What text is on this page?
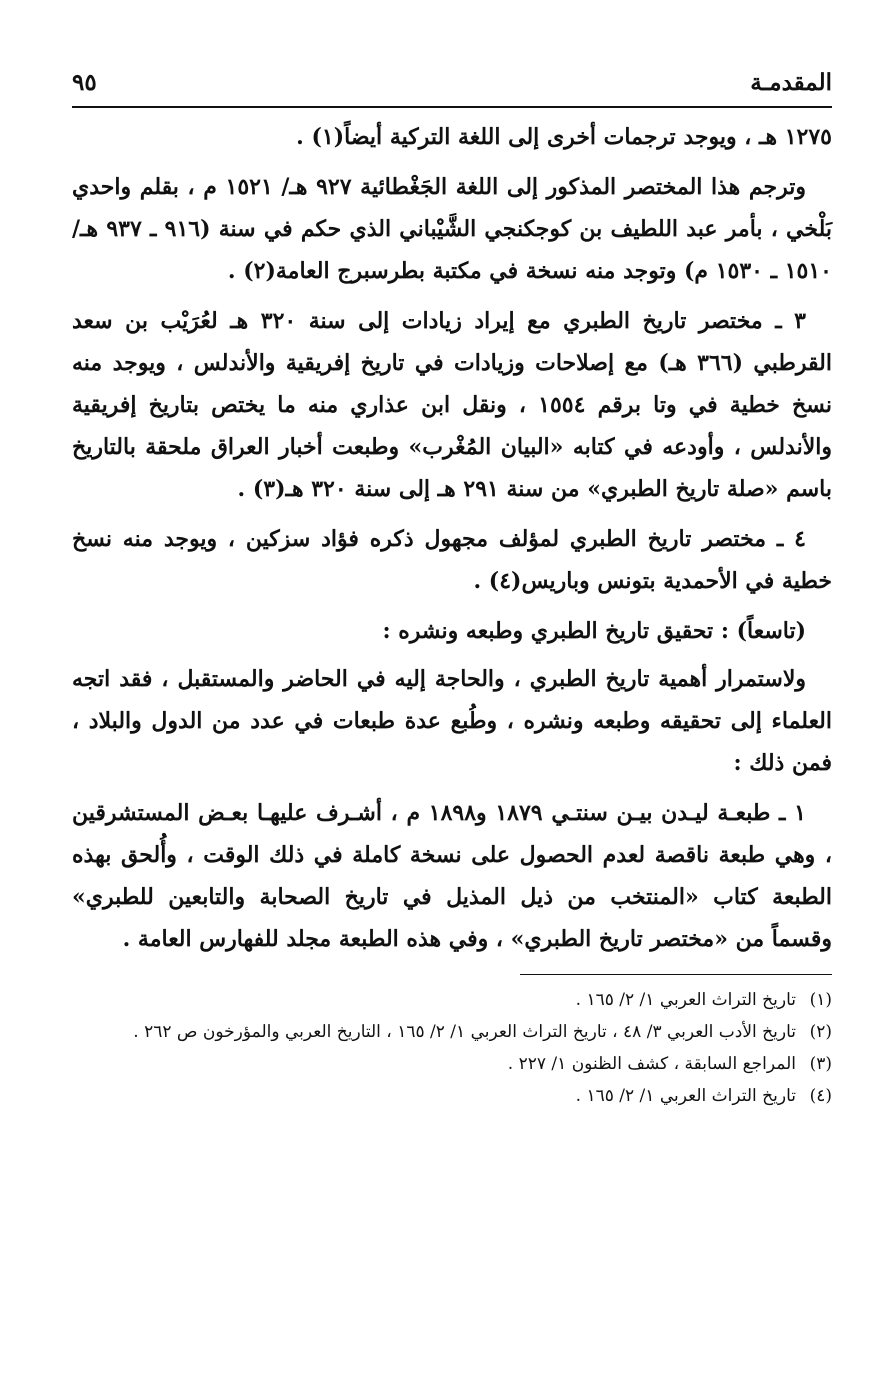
المقدمـة
٩٥

١٢٧٥ هـ ، ويوجد ترجمات أخرى إلى اللغة التركية أيضاً(١) .

وترجم هذا المختصر المذكور إلى اللغة الجَغْطائية ٩٢٧ هـ/ ١٥٢١ م ، بقلم واحدي بَلْخي ، بأمر عبد اللطيف بن كوجكنجي الشَّيْباني الذي حكم في سنة (٩١٦ ـ ٩٣٧ هـ/ ١٥١٠ ـ ١٥٣٠ م) وتوجد منه نسخة في مكتبة بطرسبرج العامة(٢) .

٣ ـ مختصر تاريخ الطبري مع إيراد زيادات إلى سنة ٣٢٠ هـ لعُرَيْب بن سعد القرطبي (٣٦٦ هـ) مع إصلاحات وزيادات في تاريخ إفريقية والأندلس ، ويوجد منه نسخ خطية في وتا برقم ١٥٥٤ ، ونقل ابن عذاري منه ما يختص بتاريخ إفريقية والأندلس ، وأودعه في كتابه «البيان المُغْرب» وطبعت أخبار العراق ملحقة بالتاريخ باسم «صلة تاريخ الطبري» من سنة ٢٩١ هـ إلى سنة ٣٢٠ هـ(٣) .

٤ ـ مختصر تاريخ الطبري لمؤلف مجهول ذكره فؤاد سزكين ، ويوجد منه نسخ خطية في الأحمدية بتونس وباريس(٤) .

(تاسعاً) : تحقيق تاريخ الطبري وطبعه ونشره :

ولاستمرار أهمية تاريخ الطبري ، والحاجة إليه في الحاضر والمستقبل ، فقد اتجه العلماء إلى تحقيقه وطبعه ونشره ، وطُبع عدة طبعات في عدد من الدول والبلاد ، فمن ذلك :

١ ـ طبعـة ليـدن بيـن سنتـي ١٨٧٩ و١٨٩٨ م ، أشـرف عليهـا بعـض المستشرقين ، وهي طبعة ناقصة لعدم الحصول على نسخة كاملة في ذلك الوقت ، وأُلحق بهذه الطبعة كتاب «المنتخب من ذيل المذيل في تاريخ الصحابة والتابعين للطبري» وقسماً من «مختصر تاريخ الطبري» ، وفي هذه الطبعة مجلد للفهارس العامة .

(١)
تاريخ التراث العربي ١/ ٢/ ١٦٥ .
(٢)
تاريخ الأدب العربي ٣/ ٤٨ ، تاريخ التراث العربي ١/ ٢/ ١٦٥ ، التاريخ العربي والمؤرخون ص ٢٦٢ .
(٣)
المراجع السابقة ، كشف الظنون ١/ ٢٢٧ .
(٤)
تاريخ التراث العربي ١/ ٢/ ١٦٥ .
